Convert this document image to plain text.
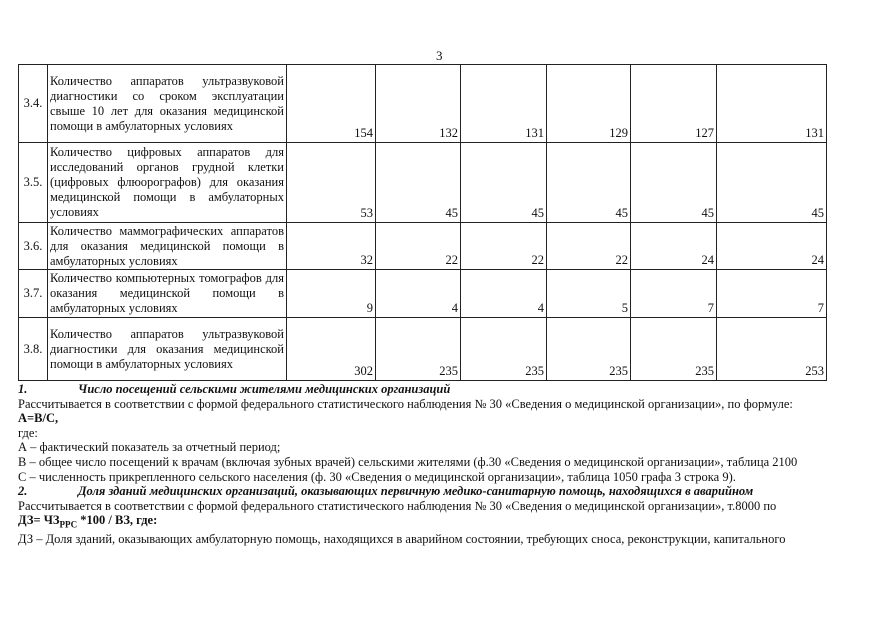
3
3.4.	Количество аппаратов ультразвуковой диагностики со сроком эксплуатации свыше 10 лет для оказания медицинской помощи в амбулаторных условиях	154	132	131	129	127	131
3.5.	Количество цифровых аппаратов для исследований органов грудной клетки (цифровых флюорографов) для оказания медицинской помощи в амбулаторных условиях	53	45	45	45	45	45
3.6.	Количество маммографических аппаратов для оказания медицинской помощи в амбулаторных условиях	32	22	22	22	24	24
3.7.	Количество компьютерных томографов для оказания медицинской помощи в амбулаторных условиях	9	4	4	5	7	7
3.8.	Количество аппаратов ультразвуковой диагностики для оказания медицинской помощи в амбулаторных условиях	302	235	235	235	235	253

1.	Число посещений сельскими жителями медицинских организаций

Рассчитывается в соответствии с формой федерального статистического наблюдения № 30 «Сведения о медицинской организации», по формуле:

А=В/С,

где:

А – фактический показатель за отчетный период;

В – общее число посещений к врачам (включая зубных врачей) сельскими жителями (ф.30 «Сведения о медицинской организации», таблица 2100

С – численность прикрепленного сельского населения (ф. 30 «Сведения о медицинской организации», таблица 1050 графа 3 строка 9).

2.	Доля зданий медицинских организаций, оказывающих первичную медико-санитарную помощь, находящихся в аварийном

Рассчитывается в соответствии с формой федерального статистического наблюдения № 30 «Сведения о медицинской организации», т.8000 по

$ДЗ= ЧЗ_{РРС}$ *100 / ВЗ, где:

ДЗ – Доля зданий, оказывающих амбулаторную помощь, находящихся в аварийном состоянии, требующих сноса, реконструкции, капитального
